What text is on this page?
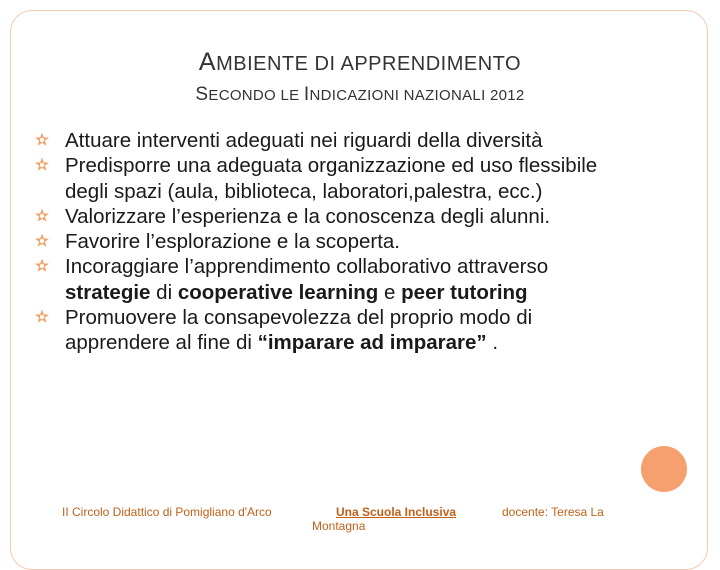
AMBIENTE DI APPRENDIMENTO
SECONDO LE INDICAZIONI NAZIONALI 2012
Attuare interventi adeguati nei riguardi della diversità
Predisporre una adeguata organizzazione ed uso flessibile degli spazi (aula, biblioteca, laboratori,palestra, ecc.)
Valorizzare l’esperienza e la conoscenza degli alunni.
Favorire l’esplorazione e la scoperta.
Incoraggiare l’apprendimento collaborativo attraverso strategie di cooperative learning e peer tutoring
Promuovere la consapevolezza del proprio modo di apprendere al fine di “imparare ad imparare” .
II Circolo Didattico di Pomigliano d'Arco	Una Scuola Inclusiva	docente: Teresa La
Montagna
